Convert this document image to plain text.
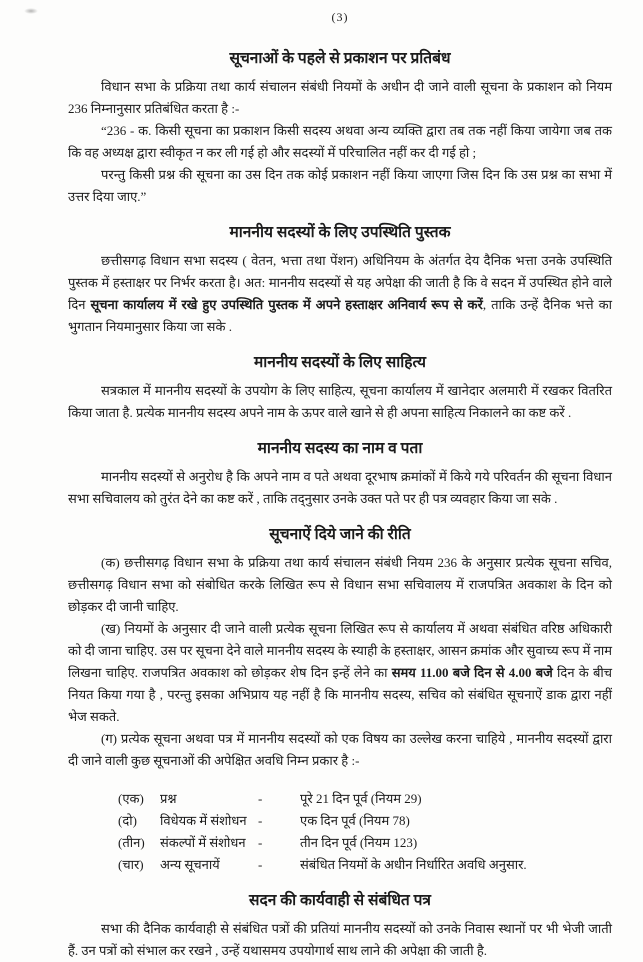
(3)
सूचनाओं के पहले से प्रकाशन पर प्रतिबंध

विधान सभा के प्रक्रिया तथा कार्य संचालन संबंधी नियमों के अधीन दी जाने वाली सूचना के प्रकाशन को नियम 236 निम्नानुसार प्रतिबंधित करता है :-

“236 - क. किसी सूचना का प्रकाशन किसी सदस्य अथवा अन्य व्यक्ति द्वारा तब तक नहीं किया जायेगा जब तक कि वह अध्यक्ष द्वारा स्वीकृत न कर ली गई हो और सदस्यों में परिचालित नहीं कर दी गई हो ;

परन्तु किसी प्रश्न की सूचना का उस दिन तक कोई प्रकाशन नहीं किया जाएगा जिस दिन कि उस प्रश्न का सभा में उत्तर दिया जाए.”

माननीय सदस्यों के लिए उपस्थिति पुस्तक

छत्तीसगढ़ विधान सभा सदस्य ( वेतन, भत्ता तथा पेंशन) अधिनियम के अंतर्गत देय दैनिक भत्ता उनके उपस्थिति पुस्तक में हस्ताक्षर पर निर्भर करता है। अत: माननीय सदस्यों से यह अपेक्षा की जाती है कि वे सदन में उपस्थित होने वाले दिन सूचना कार्यालय में रखे हुए उपस्थिति पुस्तक में अपने हस्ताक्षर अनिवार्य रूप से करें, ताकि उन्हें दैनिक भत्ते का भुगतान नियमानुसार किया जा सके .

माननीय सदस्यों के लिए साहित्य

सत्रकाल में माननीय सदस्यों के उपयोग के लिए साहित्य, सूचना कार्यालय में खानेदार अलमारी में रखकर वितरित किया जाता है. प्रत्येक माननीय सदस्य अपने नाम के ऊपर वाले खाने से ही अपना साहित्य निकालने का कष्ट करें .

माननीय सदस्य का नाम व पता

माननीय सदस्यों से अनुरोध है कि अपने नाम व पते अथवा दूरभाष क्रमांकों में किये गये परिवर्तन की सूचना विधान सभा सचिवालय को तुरंत देने का कष्ट करें , ताकि तद्नुसार उनके उक्त पते पर ही पत्र व्यवहार किया जा सके .

सूचनाऐं दिये जाने की रीति

(क) छत्तीसगढ़ विधान सभा के प्रक्रिया तथा कार्य संचालन संबंधी नियम 236 के अनुसार प्रत्येक सूचना सचिव, छत्तीसगढ़ विधान सभा को संबोधित करके लिखित रूप से विधान सभा सचिवालय में राजपत्रित अवकाश के दिन को छोड़कर दी जानी चाहिए.

(ख) नियमों के अनुसार दी जाने वाली प्रत्येक सूचना लिखित रूप से कार्यालय में अथवा संबंधित वरिष्ठ अधिकारी को दी जाना चाहिए. उस पर सूचना देने वाले माननीय सदस्य के स्याही के हस्ताक्षर, आसन क्रमांक और सुवाच्य रूप में नाम लिखना चाहिए. राजपत्रित अवकाश को छोड़कर शेष दिन इन्हें लेने का समय 11.00 बजे दिन से 4.00 बजे दिन के बीच नियत किया गया है , परन्तु इसका अभिप्राय यह नहीं है कि माननीय सदस्य, सचिव को संबंधित सूचनाऐं डाक द्वारा नहीं भेज सकते.

(ग) प्रत्येक सूचना अथवा पत्र में माननीय सदस्यों को एक विषय का उल्लेख करना चाहिये , माननीय सदस्यों द्वारा दी जाने वाली कुछ सूचनाओं की अपेक्षित अवधि निम्न प्रकार है :-

(एक)	प्रश्न	-	पूरे 21 दिन पूर्व (नियम 29)
(दो)	विधेयक में संशोधन -	एक दिन पूर्व (नियम 78)
(तीन)	संकल्पों में संशोधन -	तीन दिन पूर्व (नियम 123)
(चार)	अन्य सूचनायें	-	संबंधित नियमों के अधीन निर्धारित अवधि अनुसार.
सदन की कार्यवाही से संबंधित पत्र

सभा की दैनिक कार्यवाही से संबंधित पत्रों की प्रतियां माननीय सदस्यों को उनके निवास स्थानों पर भी भेजी जाती हैं. उन पत्रों को संभाल कर रखने , उन्हें यथासमय उपयोगार्थ साथ लाने की अपेक्षा की जाती है.
